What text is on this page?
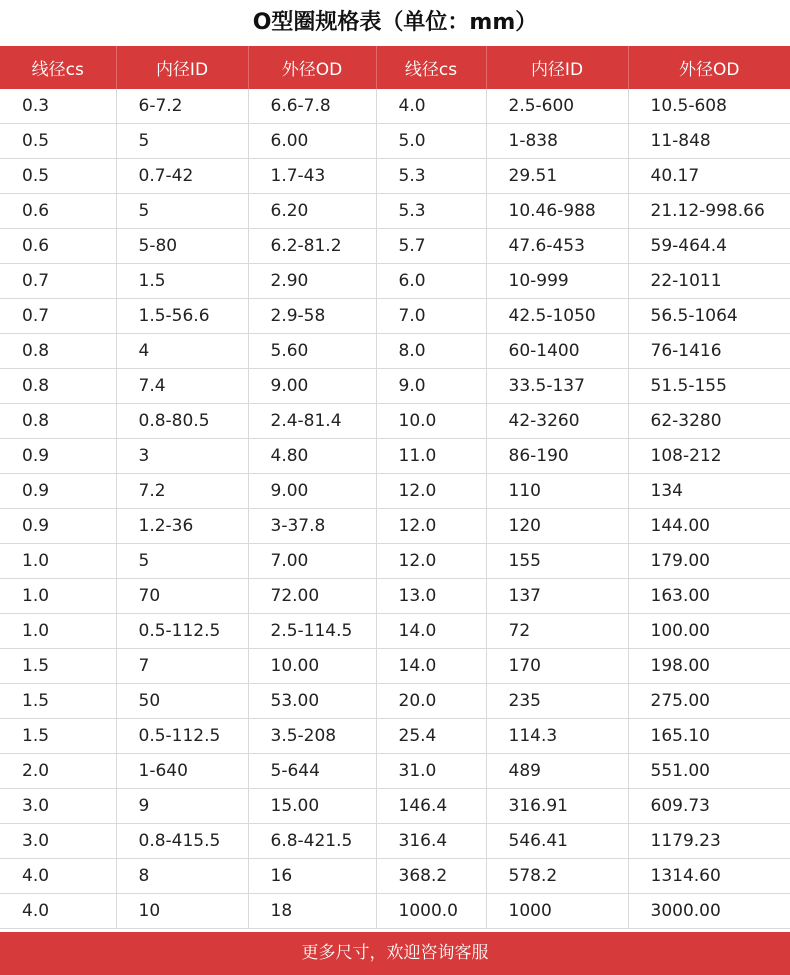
O型圈规格表（单位：mm）
线径cs	内径ID	外径OD	线径cs	内径ID	外径OD
0.3	6-7.2	6.6-7.8	4.0	2.5-600	10.5-608
0.5	5	6.00	5.0	1-838	11-848
0.5	0.7-42	1.7-43	5.3	29.51	40.17
0.6	5	6.20	5.3	10.46-988	21.12-998.66
0.6	5-80	6.2-81.2	5.7	47.6-453	59-464.4
0.7	1.5	2.90	6.0	10-999	22-1011
0.7	1.5-56.6	2.9-58	7.0	42.5-1050	56.5-1064
0.8	4	5.60	8.0	60-1400	76-1416
0.8	7.4	9.00	9.0	33.5-137	51.5-155
0.8	0.8-80.5	2.4-81.4	10.0	42-3260	62-3280
0.9	3	4.80	11.0	86-190	108-212
0.9	7.2	9.00	12.0	110	134
0.9	1.2-36	3-37.8	12.0	120	144.00
1.0	5	7.00	12.0	155	179.00
1.0	70	72.00	13.0	137	163.00
1.0	0.5-112.5	2.5-114.5	14.0	72	100.00
1.5	7	10.00	14.0	170	198.00
1.5	50	53.00	20.0	235	275.00
1.5	0.5-112.5	3.5-208	25.4	114.3	165.10
2.0	1-640	5-644	31.0	489	551.00
3.0	9	15.00	146.4	316.91	609.73
3.0	0.8-415.5	6.8-421.5	316.4	546.41	1179.23
4.0	8	16	368.2	578.2	1314.60
4.0	10	18	1000.0	1000	3000.00
更多尺寸，欢迎咨询客服
